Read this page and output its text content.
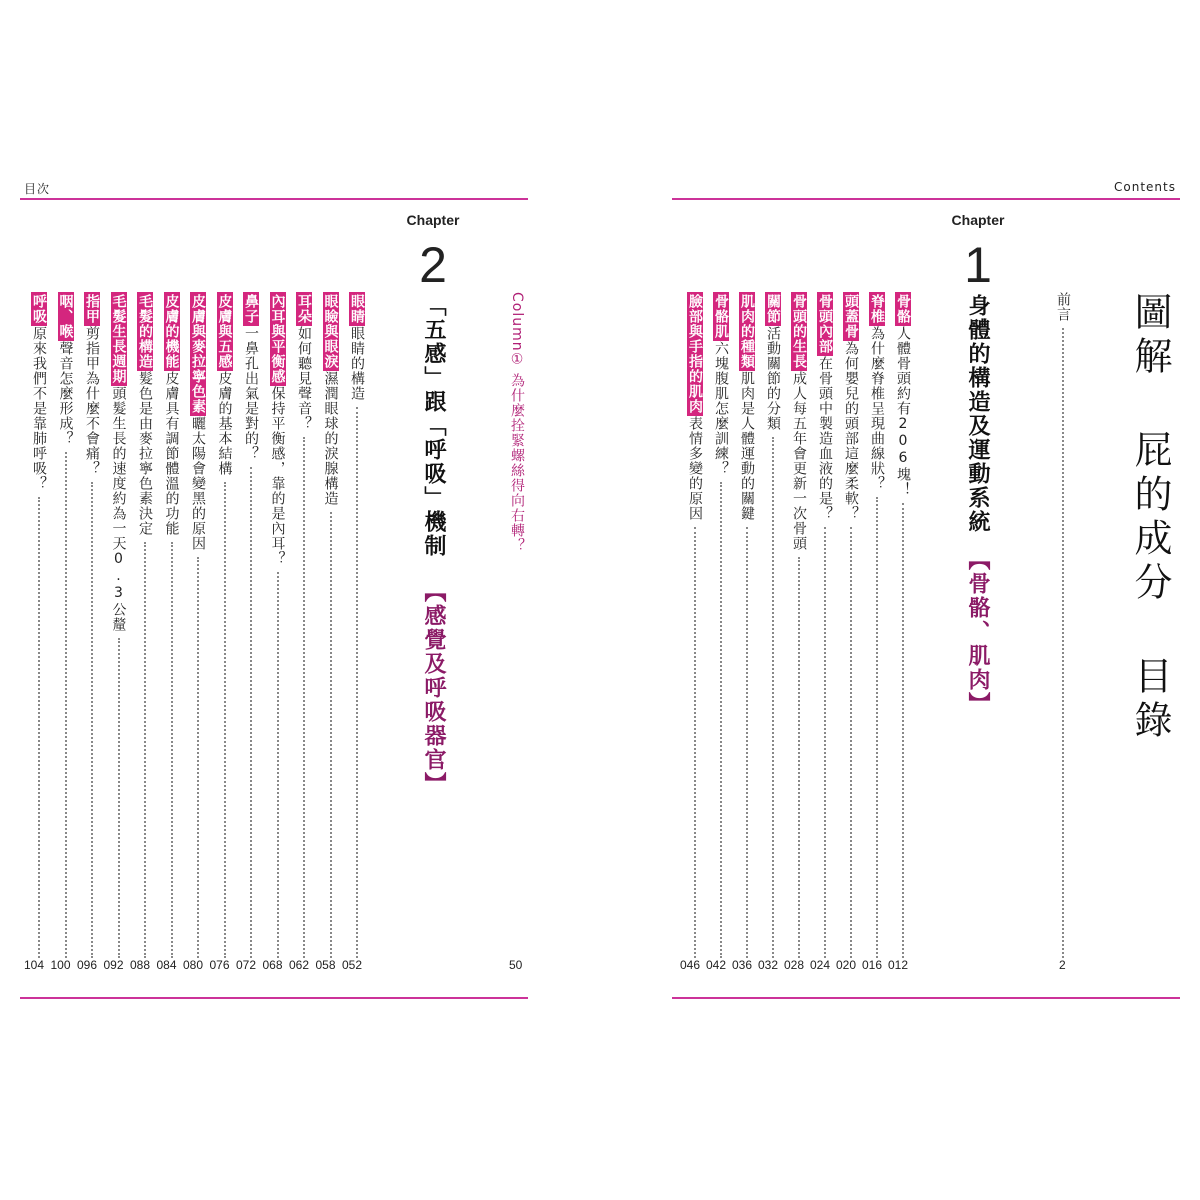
目次
Chapter
2
「五感」跟「呼吸」機制
【感覺及呼吸器官】
Column①
為什麼拴緊螺絲得向右轉？
50
眼睛眼睛的構造
052
眼瞼與眼淚濕潤眼球的淚腺構造
058
耳朵如何聽見聲音？
062
內耳與平衡感保持平衡感，靠的是內耳？
068
鼻子一鼻孔出氣是對的？
072
皮膚與五感皮膚的基本結構
076
皮膚與麥拉寧色素曬太陽會變黑的原因
080
皮膚的機能皮膚具有調節體溫的功能
084
毛髮的構造髮色是由麥拉寧色素決定
088
毛髮生長週期頭髮生長的速度約為一天0.3公釐
092
指甲剪指甲為什麼不會痛？
096
咽、喉聲音怎麼形成？
100
呼吸原來我們不是靠肺呼吸？
104
Contents
圖解 屁的成分 目錄
前言
2
Chapter
1
身體的構造及運動系統
【骨骼、肌肉】
骨骼人體骨頭約有206塊！
012
脊椎為什麼脊椎呈現曲線狀？
016
頭蓋骨為何嬰兒的頭部這麼柔軟？
020
骨頭內部在骨頭中製造血液的是？
024
骨頭的生長成人每五年會更新一次骨頭
028
關節活動關節的分類
032
肌肉的種類肌肉是人體運動的關鍵
036
骨骼肌六塊腹肌怎麼訓練？
042
臉部與手指的肌肉表情多變的原因
046
